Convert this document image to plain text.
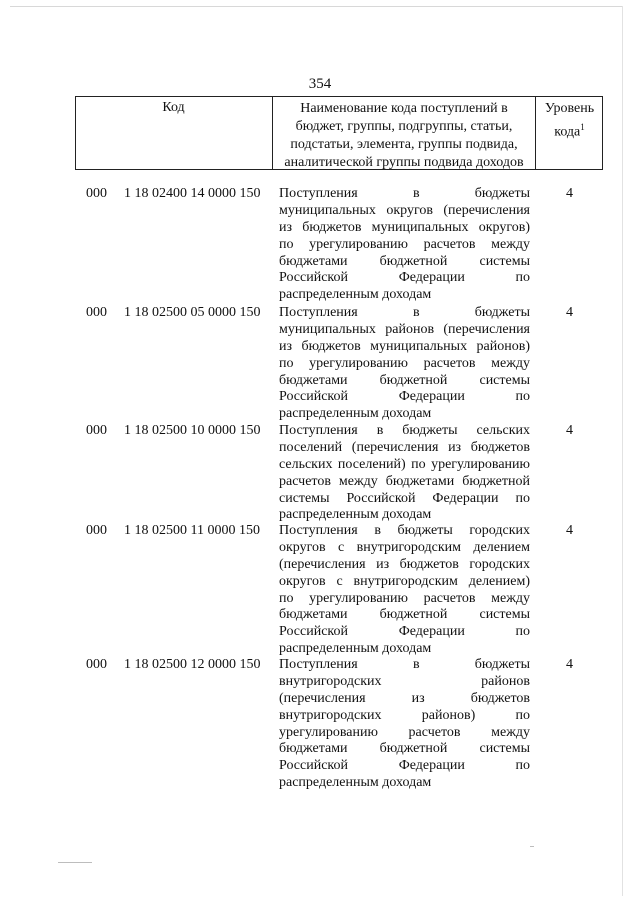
354
Код	Наименование кода поступлений в
бюджет, группы, подгруппы, статьи,
подстатьи, элемента, группы подвида,
аналитической группы подвида доходов
Уровень
кода$^1$
000 1 18 02400 14 0000 150 Поступления в бюджеты
муниципальных округов (перечисления
из бюджетов муниципальных округов)
по урегулированию расчетов между
бюджетами бюджетной системы
Российской Федерации по
распределенным доходам
4
000 1 18 02500 05 0000 150 Поступления в бюджеты
муниципальных районов (перечисления
из бюджетов муниципальных районов)
по урегулированию расчетов между
бюджетами бюджетной системы
Российской Федерации по
распределенным доходам
4
000 1 18 02500 10 0000 150 Поступления в бюджеты сельских
поселений (перечисления из бюджетов
сельских поселений) по урегулированию
расчетов между бюджетами бюджетной
системы Российской Федерации по
распределенным доходам
4
000 1 18 02500 11 0000 150 Поступления в бюджеты городских
округов с внутригородским делением
(перечисления из бюджетов городских
округов с внутригородским делением)
по урегулированию расчетов между
бюджетами бюджетной системы
Российской Федерации по
распределенным доходам
4
000 1 18 02500 12 0000 150 Поступления в бюджеты
внутригородских районов
(перечисления из бюджетов
внутригородских районов) по
урегулированию расчетов между
бюджетами бюджетной системы
Российской Федерации по
распределенным доходам
4
